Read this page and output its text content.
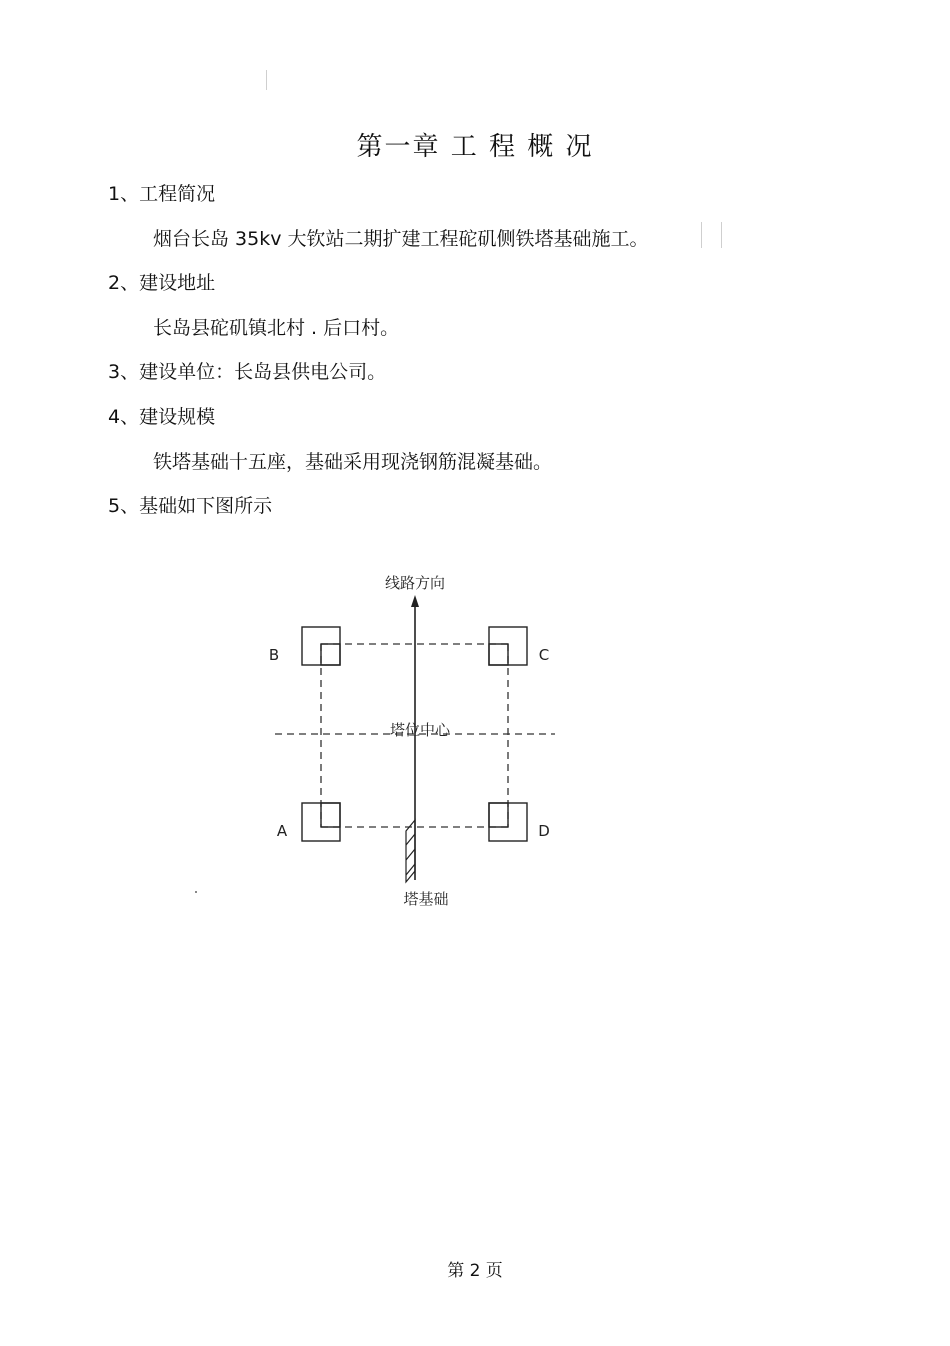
第一章 工 程 概 况
1、工程简况
烟台长岛 35kv 大钦站二期扩建工程砣矶侧铁塔基础施工。
2、建设地址
长岛县砣矶镇北村 . 后口村。
3、建设单位：长岛县供电公司。
4、建设规模
铁塔基础十五座，基础采用现浇钢筋混凝基础。
5、基础如下图所示
线路方向
B	C
A	D
塔位中心
塔基础
第 2 页
